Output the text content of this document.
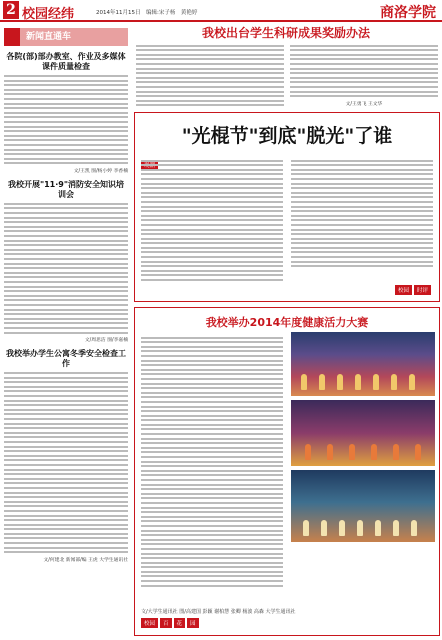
2 校园经纬	2014年11月15日　编辑:宋子杨　黄艳婷	商洛学院
新闻直通车
各院(部)部办教室、作业及多媒体课件质量检查
文/王凯 图/杨小婷 李香楠
我校开展"11·9"消防安全知识培训会
文/周思洁 图/李嘉楠
我校举办学生公寓冬季安全检查工作
文/何建北 新闻部/编 王虎 大学生通讯社
我校出台学生科研成果奖励办法
文/王勇飞 王文华
"光棍节"到底"脱光"了谁
校园 时评
我校举办2014年度健康活力大赛
文/大学生通讯社 图/高建国 彭颖 谢柏慧 张卿 杨波 高森 大学生通讯社
校园 百 花 园
